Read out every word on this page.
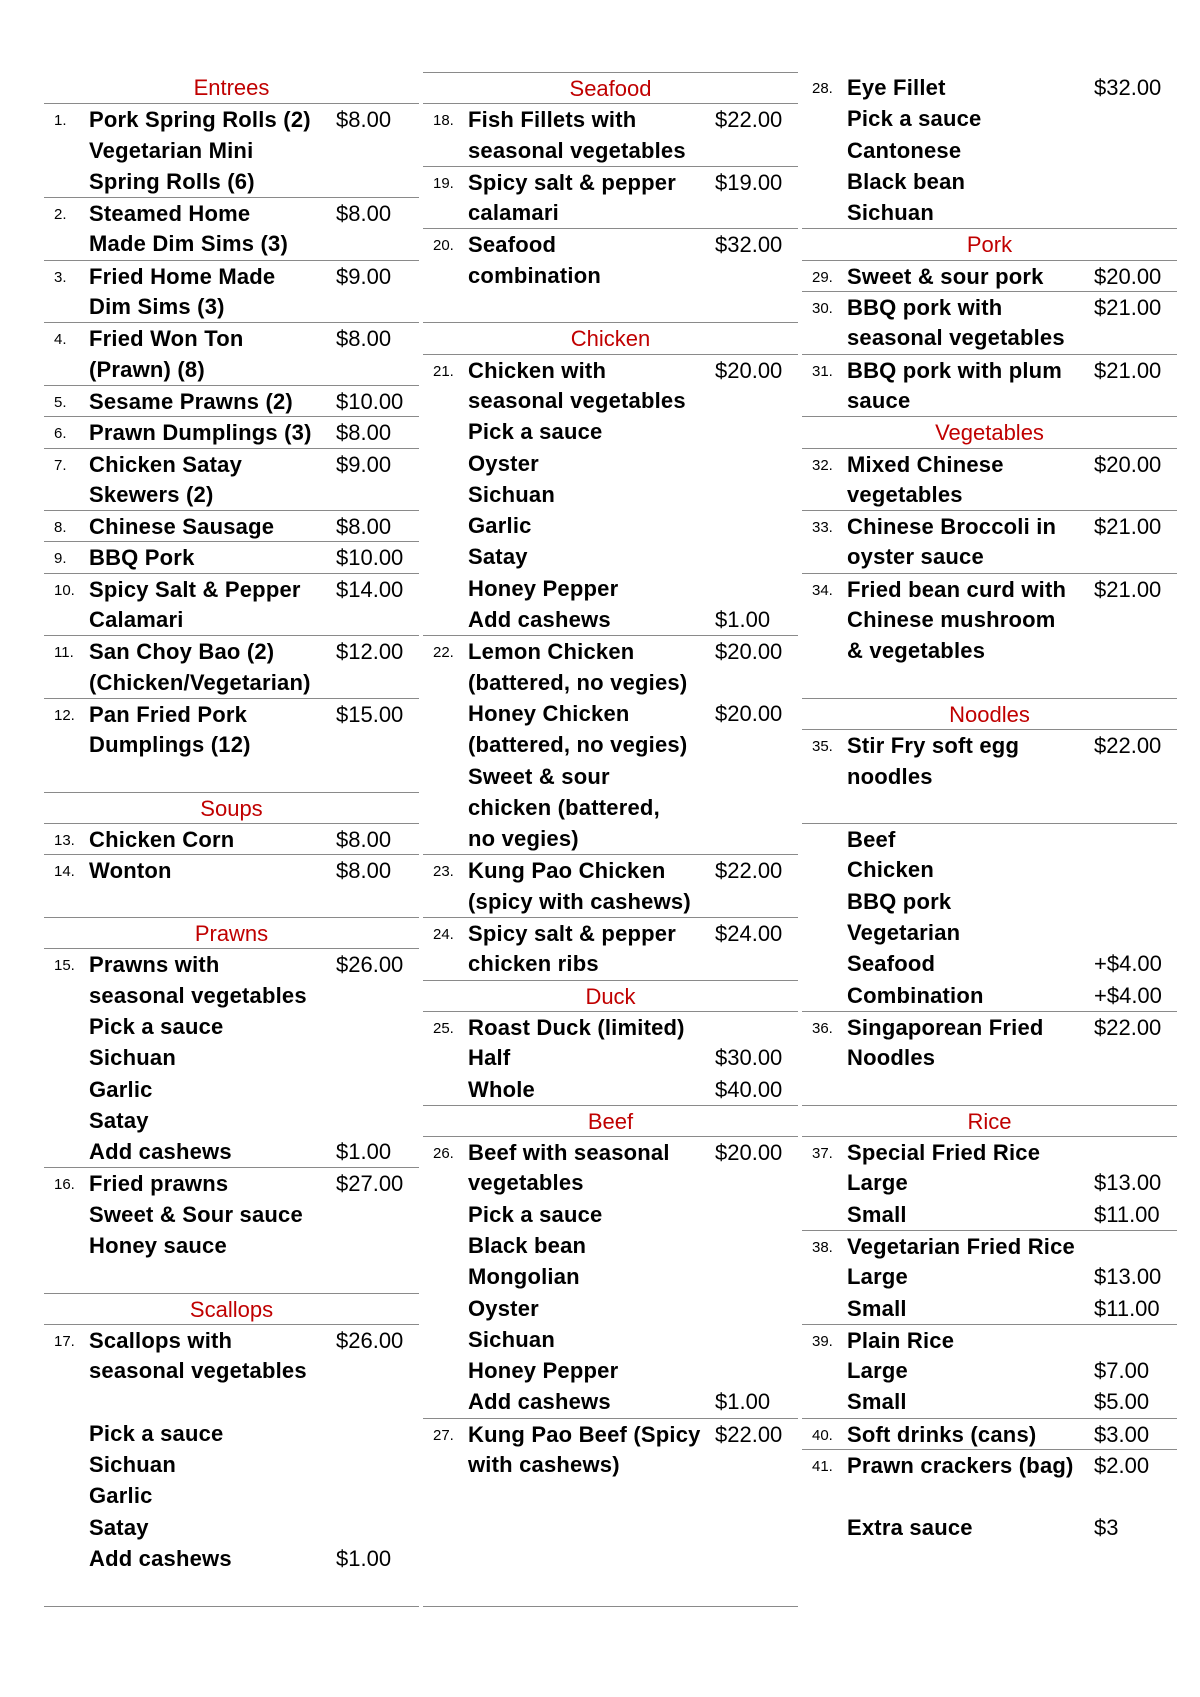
Entrees
1. Pork Spring Rolls (2) $8.00
Vegetarian Mini
Spring Rolls (6)
2. Steamed Home	$8.00
Made Dim Sims (3)
3. Fried Home Made	$9.00
Dim Sims (3)
4. Fried Won Ton	$8.00
(Prawn) (8)
5. Sesame Prawns (2) $10.00
6. Prawn Dumplings (3) $8.00
7. Chicken Satay	$9.00
Skewers (2)
8. Chinese Sausage	$8.00
9. BBQ Pork	$10.00
10. Spicy Salt & Pepper $14.00
Calamari
11. San Choy Bao (2)	$12.00
(Chicken/Vegetarian)
12. Pan Fried Pork	$15.00
Dumplings (12)
Soups
13. Chicken Corn	$8.00
14. Wonton	$8.00
Prawns
15. Prawns with	$26.00
seasonal vegetables
Pick a sauce
Sichuan
Garlic
Satay
Add cashews	$1.00
16. Fried prawns	$27.00
Sweet & Sour sauce
Honey sauce
Scallops
17. Scallops with	$26.00
seasonal vegetables
Pick a sauce
Sichuan
Garlic
Satay
Add cashews	$1.00
Seafood
18. Fish Fillets with	$22.00
seasonal vegetables
19. Spicy salt & pepper $19.00
calamari
20. Seafood	$32.00
combination
Chicken
21. Chicken with	$20.00
seasonal vegetables
Pick a sauce
Oyster
Sichuan
Garlic
Satay
Honey Pepper
Add cashews	$1.00
22. Lemon Chicken	$20.00
(battered, no vegies)
Honey Chicken	$20.00
(battered, no vegies)
Sweet & sour
chicken (battered,
no vegies)
23. Kung Pao Chicken $22.00
(spicy with cashews)
24. Spicy salt & pepper $24.00
chicken ribs
Duck
25. Roast Duck (limited)
Half	$30.00
Whole	$40.00
Beef
26. Beef with seasonal $20.00
vegetables
Pick a sauce
Black bean
Mongolian
Oyster
Sichuan
Honey Pepper
Add cashews	$1.00
27. Kung Pao Beef (Spicy $22.00
with cashews)
28. Eye Fillet	$32.00
Pick a sauce
Cantonese
Black bean
Sichuan
Pork
29. Sweet & sour pork $20.00
30. BBQ pork with	$21.00
seasonal vegetables
31. BBQ pork with plum $21.00
sauce
Vegetables
32. Mixed Chinese	$20.00
vegetables
33. Chinese Broccoli in $21.00
oyster sauce
34. Fried bean curd with $21.00
Chinese mushroom
& vegetables
Noodles
35. Stir Fry soft egg	$22.00
noodles
Beef
Chicken
BBQ pork
Vegetarian
Seafood	+$4.00
Combination	+$4.00
36. Singaporean Fried $22.00
Noodles
Rice
37. Special Fried Rice
Large	$13.00
Small	$11.00
38. Vegetarian Fried Rice
Large	$13.00
Small	$11.00
39. Plain Rice
Large	$7.00
Small	$5.00
40. Soft drinks (cans)	$3.00
41. Prawn crackers (bag) $2.00
Extra sauce	$3
